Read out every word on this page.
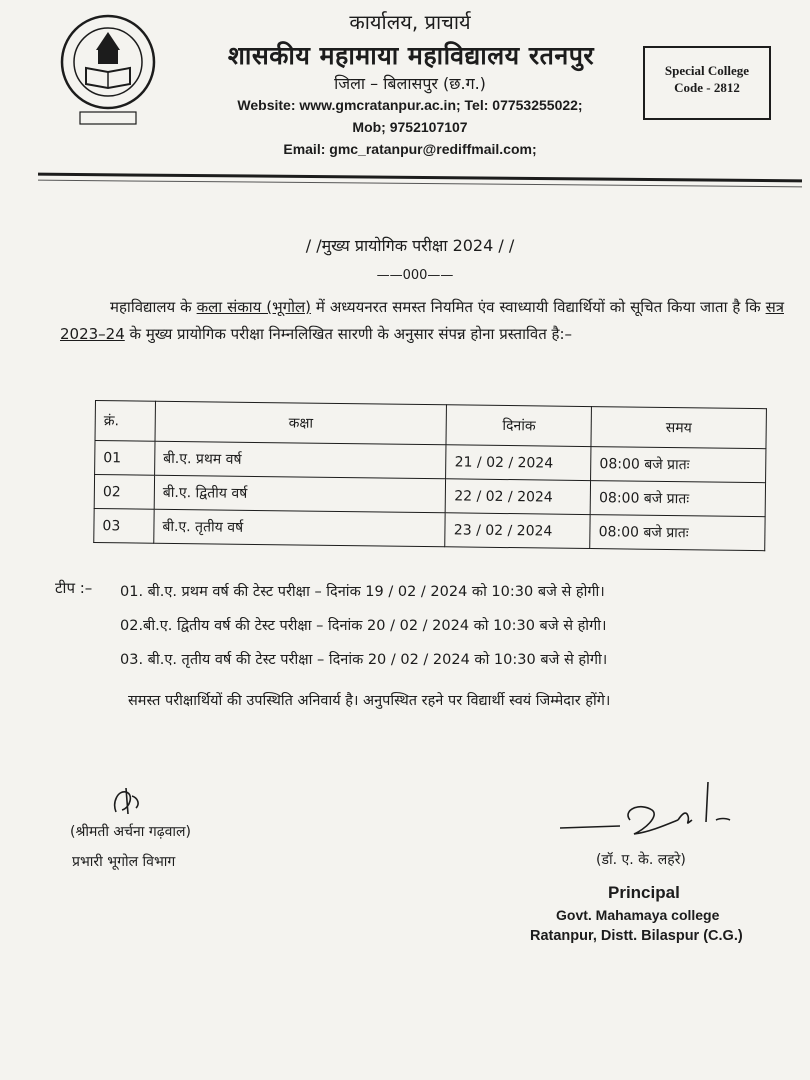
कार्यालय, प्राचार्य
शासकीय महामाया महाविद्यालय रतनपुर
जिला – बिलासपुर (छ.ग.)
Website: www.gmcratanpur.ac.in; Tel: 07753255022;
Mob; 9752107107
Email: gmc_ratanpur@rediffmail.com;
Special College
Code - 2812
/ /मुख्य प्रायोगिक परीक्षा 2024 / /
——000——
महाविद्यालय के कला संकाय (भूगोल) में अध्ययनरत समस्त नियमित एंव स्वाध्यायी विद्यार्थियों को सूचित किया जाता है कि सत्र 2023–24 के मुख्य प्रायोगिक परीक्षा निम्नलिखित सारणी के अनुसार संपन्न होना प्रस्तावित है:–
क्रं.	कक्षा	दिनांक	समय
01	बी.ए. प्रथम वर्ष	21 / 02 / 2024	08:00 बजे प्रातः
02	बी.ए. द्वितीय वर्ष	22 / 02 / 2024	08:00 बजे प्रातः
03	बी.ए. तृतीय वर्ष	23 / 02 / 2024	08:00 बजे प्रातः
टीप :– 01. बी.ए. प्रथम वर्ष की टेस्ट परीक्षा – दिनांक 19 / 02 / 2024 को 10:30 बजे से होगी।
02.बी.ए. द्वितीय वर्ष की टेस्ट परीक्षा – दिनांक 20 / 02 / 2024 को 10:30 बजे से होगी।
03. बी.ए. तृतीय वर्ष की टेस्ट परीक्षा – दिनांक 20 / 02 / 2024 को 10:30 बजे से होगी।
समस्त परीक्षार्थियों की उपस्थिति अनिवार्य है। अनुपस्थित रहने पर विद्यार्थी स्वयं जिम्मेदार होंगे।
(श्रीमती अर्चना गढ़वाल)
प्रभारी भूगोल विभाग	(डॉ. ए. के. लहरे)
Principal
Govt. Mahamaya college
Ratanpur, Distt. Bilaspur (C.G.)
